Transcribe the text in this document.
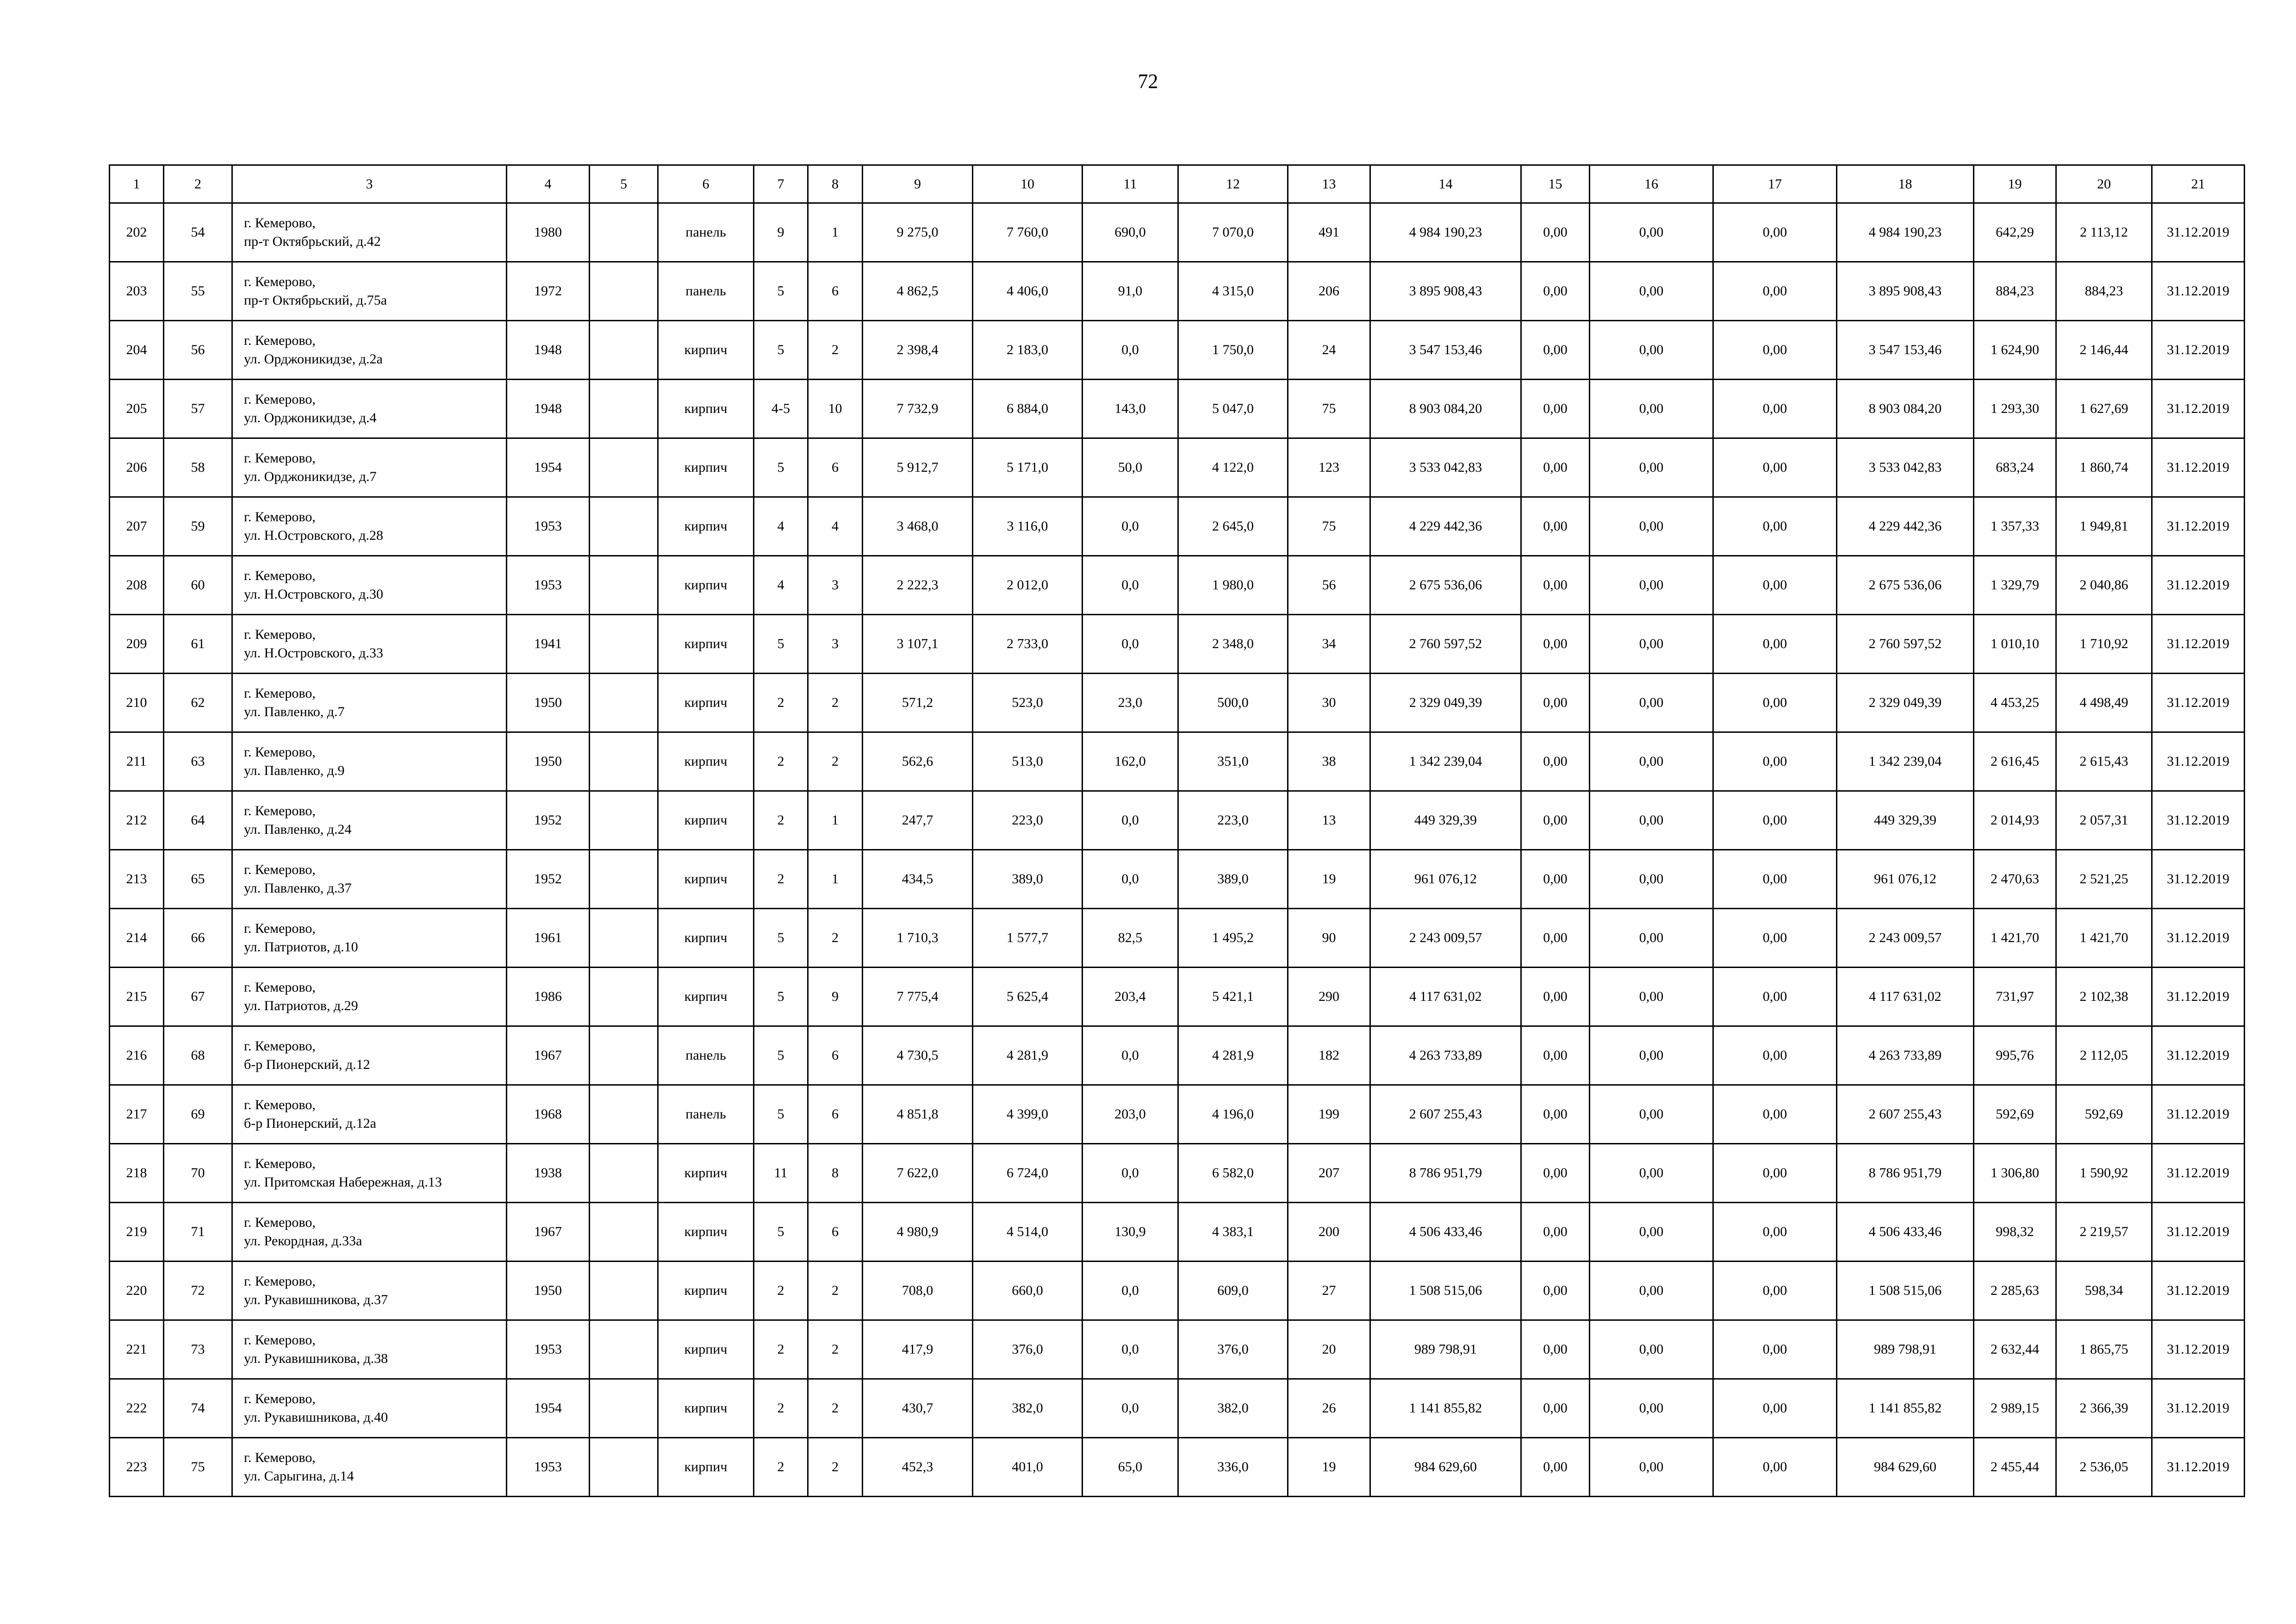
72
1	2	3	4	5	6	7	8	9	10	11	12	13	14	15	16	17	18	19	20	21
202	54	г. Кемерово,
пр-т Октябрьский, д.42	1980		панель	9	1	9 275,0	7 760,0	690,0	7 070,0	491	4 984 190,23	0,00	0,00	0,00	4 984 190,23	642,29	2 113,12	31.12.2019
203	55	г. Кемерово,
пр-т Октябрьский, д.75а	1972		панель	5	6	4 862,5	4 406,0	91,0	4 315,0	206	3 895 908,43	0,00	0,00	0,00	3 895 908,43	884,23	884,23	31.12.2019
204	56	г. Кемерово,
ул. Орджоникидзе, д.2а	1948		кирпич	5	2	2 398,4	2 183,0	0,0	1 750,0	24	3 547 153,46	0,00	0,00	0,00	3 547 153,46	1 624,90	2 146,44	31.12.2019
205	57	г. Кемерово,
ул. Орджоникидзе, д.4	1948		кирпич	4-5	10	7 732,9	6 884,0	143,0	5 047,0	75	8 903 084,20	0,00	0,00	0,00	8 903 084,20	1 293,30	1 627,69	31.12.2019
206	58	г. Кемерово,
ул. Орджоникидзе, д.7	1954		кирпич	5	6	5 912,7	5 171,0	50,0	4 122,0	123	3 533 042,83	0,00	0,00	0,00	3 533 042,83	683,24	1 860,74	31.12.2019
207	59	г. Кемерово,
ул. Н.Островского, д.28	1953		кирпич	4	4	3 468,0	3 116,0	0,0	2 645,0	75	4 229 442,36	0,00	0,00	0,00	4 229 442,36	1 357,33	1 949,81	31.12.2019
208	60	г. Кемерово,
ул. Н.Островского, д.30	1953		кирпич	4	3	2 222,3	2 012,0	0,0	1 980,0	56	2 675 536,06	0,00	0,00	0,00	2 675 536,06	1 329,79	2 040,86	31.12.2019
209	61	г. Кемерово,
ул. Н.Островского, д.33	1941		кирпич	5	3	3 107,1	2 733,0	0,0	2 348,0	34	2 760 597,52	0,00	0,00	0,00	2 760 597,52	1 010,10	1 710,92	31.12.2019
210	62	г. Кемерово,
ул. Павленко, д.7	1950		кирпич	2	2	571,2	523,0	23,0	500,0	30	2 329 049,39	0,00	0,00	0,00	2 329 049,39	4 453,25	4 498,49	31.12.2019
211	63	г. Кемерово,
ул. Павленко, д.9	1950		кирпич	2	2	562,6	513,0	162,0	351,0	38	1 342 239,04	0,00	0,00	0,00	1 342 239,04	2 616,45	2 615,43	31.12.2019
212	64	г. Кемерово,
ул. Павленко, д.24	1952		кирпич	2	1	247,7	223,0	0,0	223,0	13	449 329,39	0,00	0,00	0,00	449 329,39	2 014,93	2 057,31	31.12.2019
213	65	г. Кемерово,
ул. Павленко, д.37	1952		кирпич	2	1	434,5	389,0	0,0	389,0	19	961 076,12	0,00	0,00	0,00	961 076,12	2 470,63	2 521,25	31.12.2019
214	66	г. Кемерово,
ул. Патриотов, д.10	1961		кирпич	5	2	1 710,3	1 577,7	82,5	1 495,2	90	2 243 009,57	0,00	0,00	0,00	2 243 009,57	1 421,70	1 421,70	31.12.2019
215	67	г. Кемерово,
ул. Патриотов, д.29	1986		кирпич	5	9	7 775,4	5 625,4	203,4	5 421,1	290	4 117 631,02	0,00	0,00	0,00	4 117 631,02	731,97	2 102,38	31.12.2019
216	68	г. Кемерово,
б-р Пионерский, д.12	1967		панель	5	6	4 730,5	4 281,9	0,0	4 281,9	182	4 263 733,89	0,00	0,00	0,00	4 263 733,89	995,76	2 112,05	31.12.2019
217	69	г. Кемерово,
б-р Пионерский, д.12а	1968		панель	5	6	4 851,8	4 399,0	203,0	4 196,0	199	2 607 255,43	0,00	0,00	0,00	2 607 255,43	592,69	592,69	31.12.2019
218	70	г. Кемерово,
ул. Притомская Набережная, д.13	1938		кирпич	11	8	7 622,0	6 724,0	0,0	6 582,0	207	8 786 951,79	0,00	0,00	0,00	8 786 951,79	1 306,80	1 590,92	31.12.2019
219	71	г. Кемерово,
ул. Рекордная, д.33а	1967		кирпич	5	6	4 980,9	4 514,0	130,9	4 383,1	200	4 506 433,46	0,00	0,00	0,00	4 506 433,46	998,32	2 219,57	31.12.2019
220	72	г. Кемерово,
ул. Рукавишникова, д.37	1950		кирпич	2	2	708,0	660,0	0,0	609,0	27	1 508 515,06	0,00	0,00	0,00	1 508 515,06	2 285,63	598,34	31.12.2019
221	73	г. Кемерово,
ул. Рукавишникова, д.38	1953		кирпич	2	2	417,9	376,0	0,0	376,0	20	989 798,91	0,00	0,00	0,00	989 798,91	2 632,44	1 865,75	31.12.2019
222	74	г. Кемерово,
ул. Рукавишникова, д.40	1954		кирпич	2	2	430,7	382,0	0,0	382,0	26	1 141 855,82	0,00	0,00	0,00	1 141 855,82	2 989,15	2 366,39	31.12.2019
223	75	г. Кемерово,
ул. Сарыгина, д.14	1953		кирпич	2	2	452,3	401,0	65,0	336,0	19	984 629,60	0,00	0,00	0,00	984 629,60	2 455,44	2 536,05	31.12.2019
